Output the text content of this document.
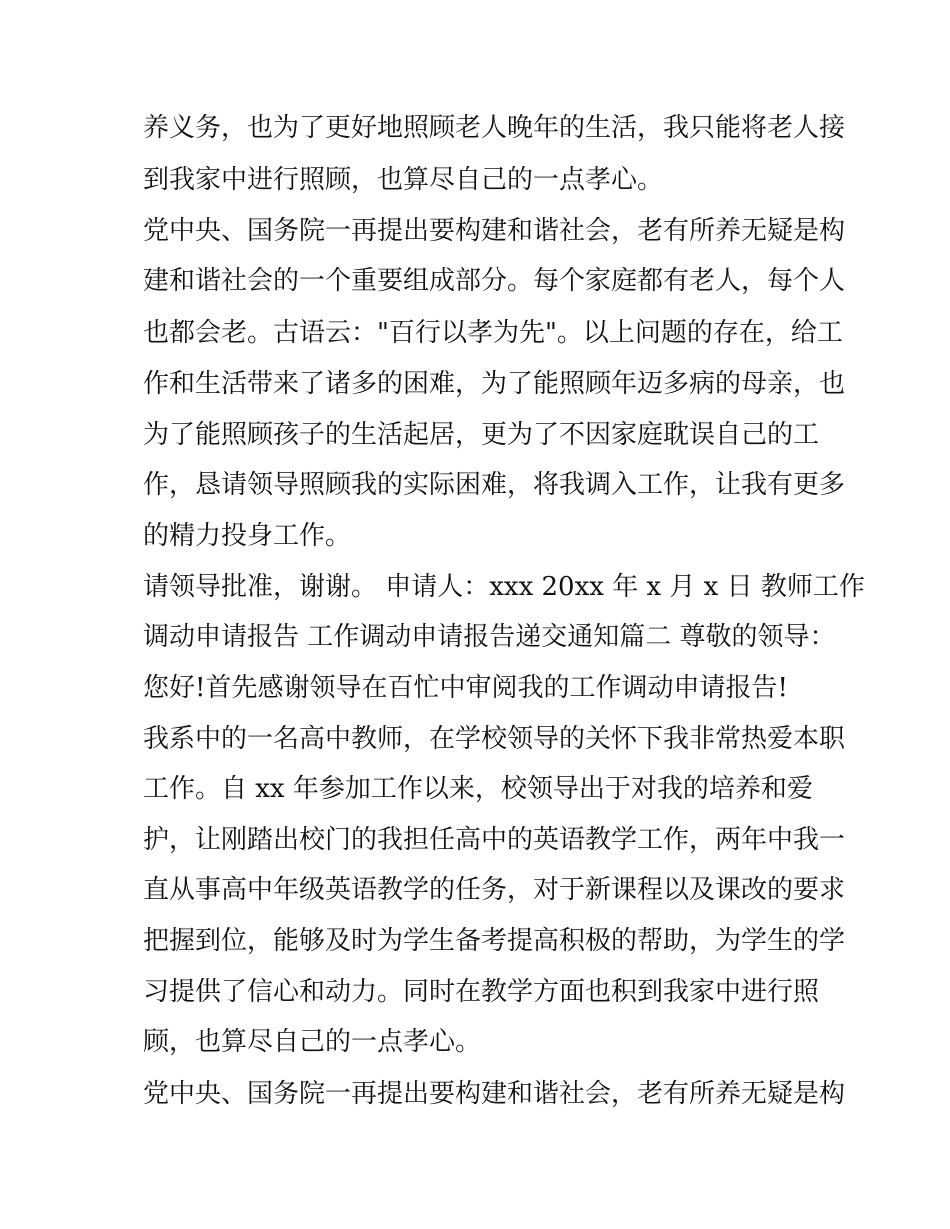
养义务，也为了更好地照顾老人晚年的生活，我只能将老人接
到我家中进行照顾，也算尽自己的一点孝心。
党中央、国务院一再提出要构建和谐社会，老有所养无疑是构
建和谐社会的一个重要组成部分。每个家庭都有老人，每个人
也都会老。古语云："百行以孝为先"。以上问题的存在，给工
作和生活带来了诸多的困难，为了能照顾年迈多病的母亲，也
为了能照顾孩子的生活起居，更为了不因家庭耽误自己的工
作，恳请领导照顾我的实际困难，将我调入工作，让我有更多
的精力投身工作。
请领导批准，谢谢。 申请人：xxx 20xx 年 x 月 x 日 教师工作
调动申请报告 工作调动申请报告递交通知篇二 尊敬的领导：
您好!首先感谢领导在百忙中审阅我的工作调动申请报告!
我系中的一名高中教师，在学校领导的关怀下我非常热爱本职
工作。自 xx 年参加工作以来，校领导出于对我的培养和爱
护，让刚踏出校门的我担任高中的英语教学工作，两年中我一
直从事高中年级英语教学的任务，对于新课程以及课改的要求
把握到位，能够及时为学生备考提高积极的帮助，为学生的学
习提供了信心和动力。同时在教学方面也积到我家中进行照
顾，也算尽自己的一点孝心。
党中央、国务院一再提出要构建和谐社会，老有所养无疑是构
